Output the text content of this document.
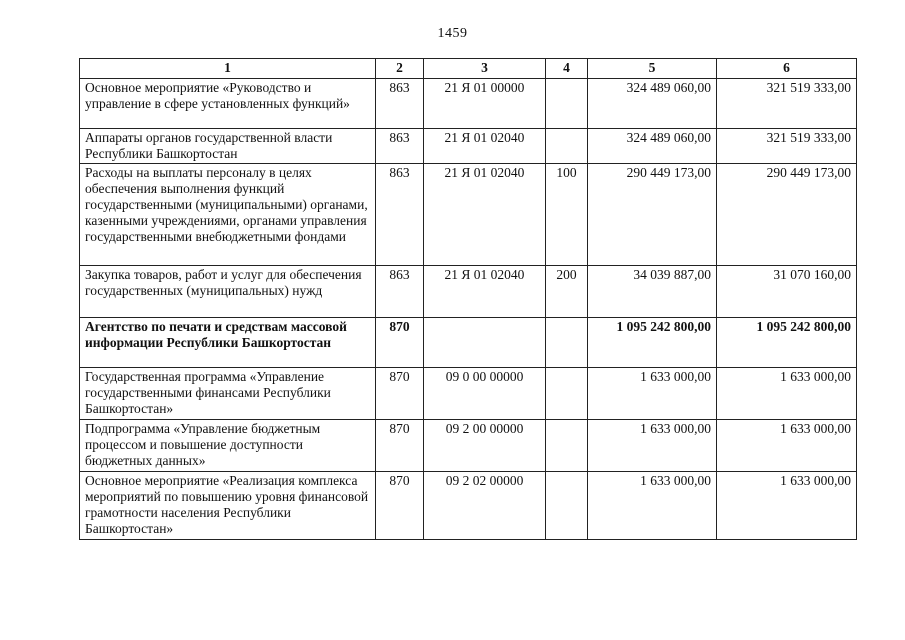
1459
1	2	3	4	5	6
Основное мероприятие «Руководство и управление в сфере установленных функций»	863	21 Я 01 00000		324 489 060,00	321 519 333,00
Аппараты органов государственной власти Республики Башкортостан	863	21 Я 01 02040		324 489 060,00	321 519 333,00
Расходы на выплаты персоналу в целях обеспечения выполнения функций государственными (муниципальными) органами, казенными учреждениями, органами управления государственными внебюджетными фондами	863	21 Я 01 02040	100	290 449 173,00	290 449 173,00
Закупка товаров, работ и услуг для обеспечения государственных (муниципальных) нужд	863	21 Я 01 02040	200	34 039 887,00	31 070 160,00
Агентство по печати и средствам массовой информации Республики Башкортостан	870			1 095 242 800,00	1 095 242 800,00
Государственная программа «Управление государственными финансами Республики Башкортостан»	870	09 0 00 00000		1 633 000,00	1 633 000,00
Подпрограмма «Управление бюджетным процессом и повышение доступности бюджетных данных»	870	09 2 00 00000		1 633 000,00	1 633 000,00
Основное мероприятие «Реализация комплекса мероприятий по повышению уровня финансовой грамотности населения Республики Башкортостан»	870	09 2 02 00000		1 633 000,00	1 633 000,00
